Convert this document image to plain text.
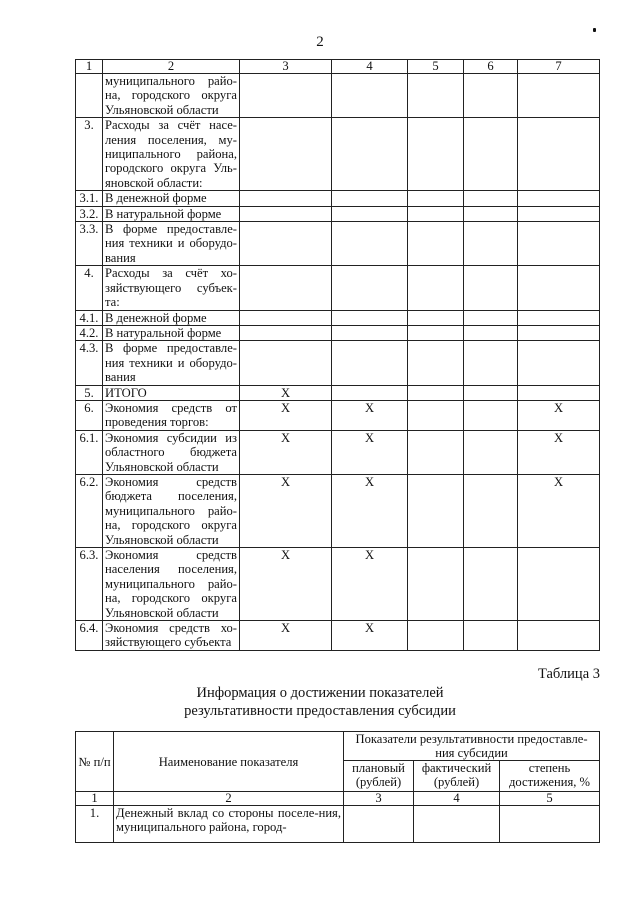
2
1	2	3	4	5	6	7
	муниципального райо-на, городского округа Ульяновской области					
3.	Расходы за счёт насе-ления поселения, му-ниципального района, городского округа Уль-яновской области:					
3.1.	В денежной форме					
3.2.	В натуральной форме					
3.3.	В форме предоставле-ния техники и оборудо-вания					
4.	Расходы за счёт хо-зяйствующего субъек-та:					
4.1.	В денежной форме					
4.2.	В натуральной форме					
4.3.	В форме предоставле-ния техники и оборудо-вания					
5.	ИТОГО	X				
6.	Экономия средств от проведения торгов:	X	X			X
6.1.	Экономия субсидии из областного бюджета Ульяновской области	X	X			X
6.2.	Экономия средств бюджета поселения, муниципального райо-на, городского округа Ульяновской области	X	X			X
6.3.	Экономия средств населения поселения, муниципального райо-на, городского округа Ульяновской области	X	X			
6.4.	Экономия средств хо-зяйствующего субъекта	X	X			
Таблица 3
Информация о достижении показателей
результативности предоставления субсидии
№ п/п	Наименование показателя	Показатели результативности предоставле-ния субсидии		
		плановый (рублей)	фактический (рублей)	степень достижения, %
1	2	3	4	5
1.	Денежный вклад со стороны поселе-ния, муниципального района, город-			
